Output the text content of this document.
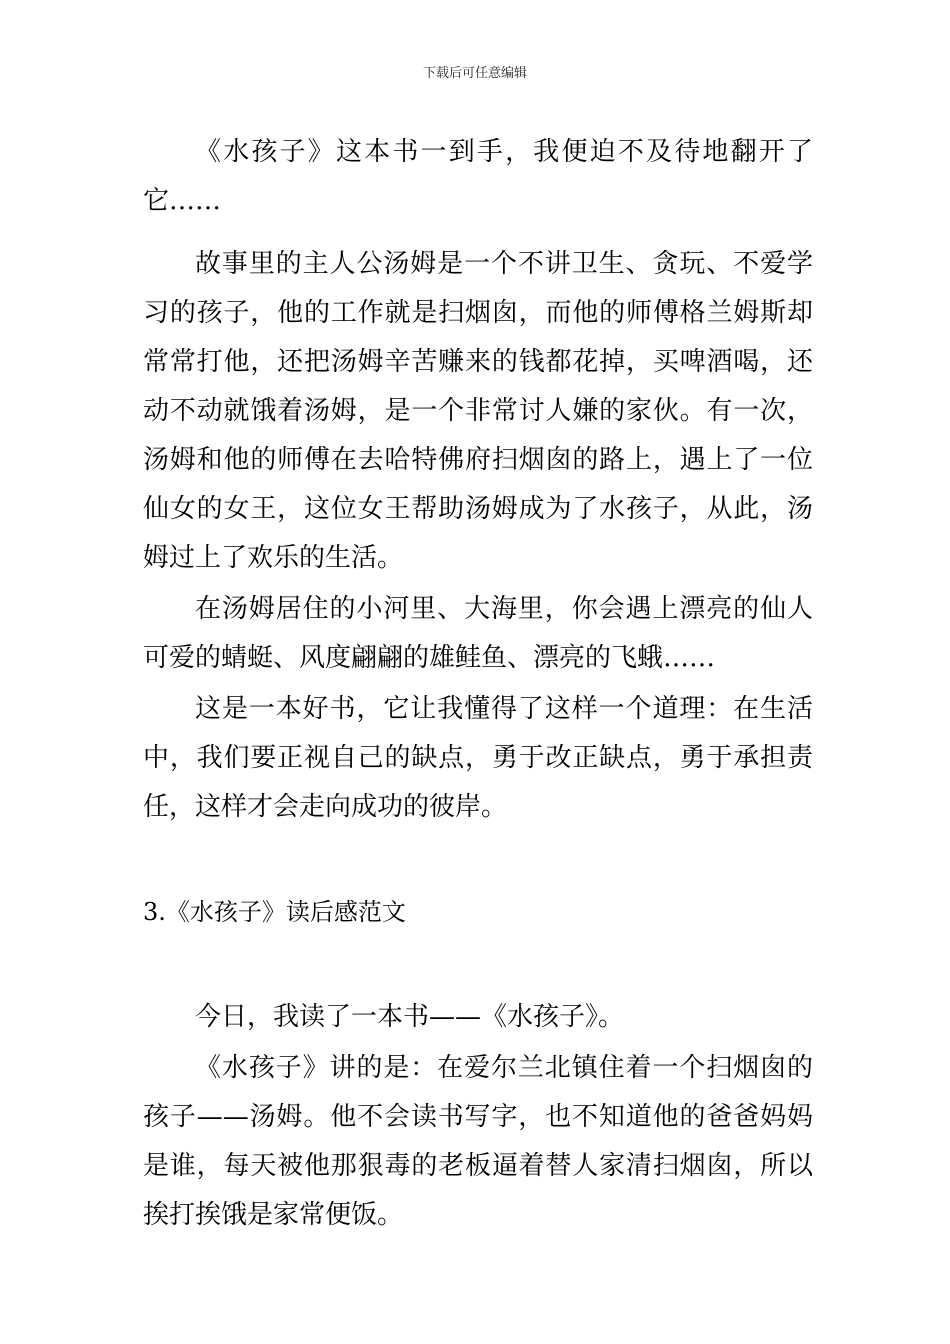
下载后可任意编辑

《水孩子》这本书一到手，我便迫不及待地翻开了它……

故事里的主人公汤姆是一个不讲卫生、贪玩、不爱学习的孩子，他的工作就是扫烟囱，而他的师傅格兰姆斯却常常打他，还把汤姆辛苦赚来的钱都花掉，买啤酒喝，还动不动就饿着汤姆，是一个非常讨人嫌的家伙。有一次，汤姆和他的师傅在去哈特佛府扫烟囱的路上，遇上了一位仙女的女王，这位女王帮助汤姆成为了水孩子，从此，汤姆过上了欢乐的生活。

在汤姆居住的小河里、大海里，你会遇上漂亮的仙人可爱的蜻蜓、风度翩翩的雄鲑鱼、漂亮的飞蛾……

这是一本好书，它让我懂得了这样一个道理：在生活中，我们要正视自己的缺点，勇于改正缺点，勇于承担责任，这样才会走向成功的彼岸。

3.《水孩子》读后感范文

今日，我读了一本书——《水孩子》。

《水孩子》讲的是：在爱尔兰北镇住着一个扫烟囱的孩子——汤姆。他不会读书写字，也不知道他的爸爸妈妈是谁，每天被他那狠毒的老板逼着替人家清扫烟囱，所以挨打挨饿是家常便饭。
